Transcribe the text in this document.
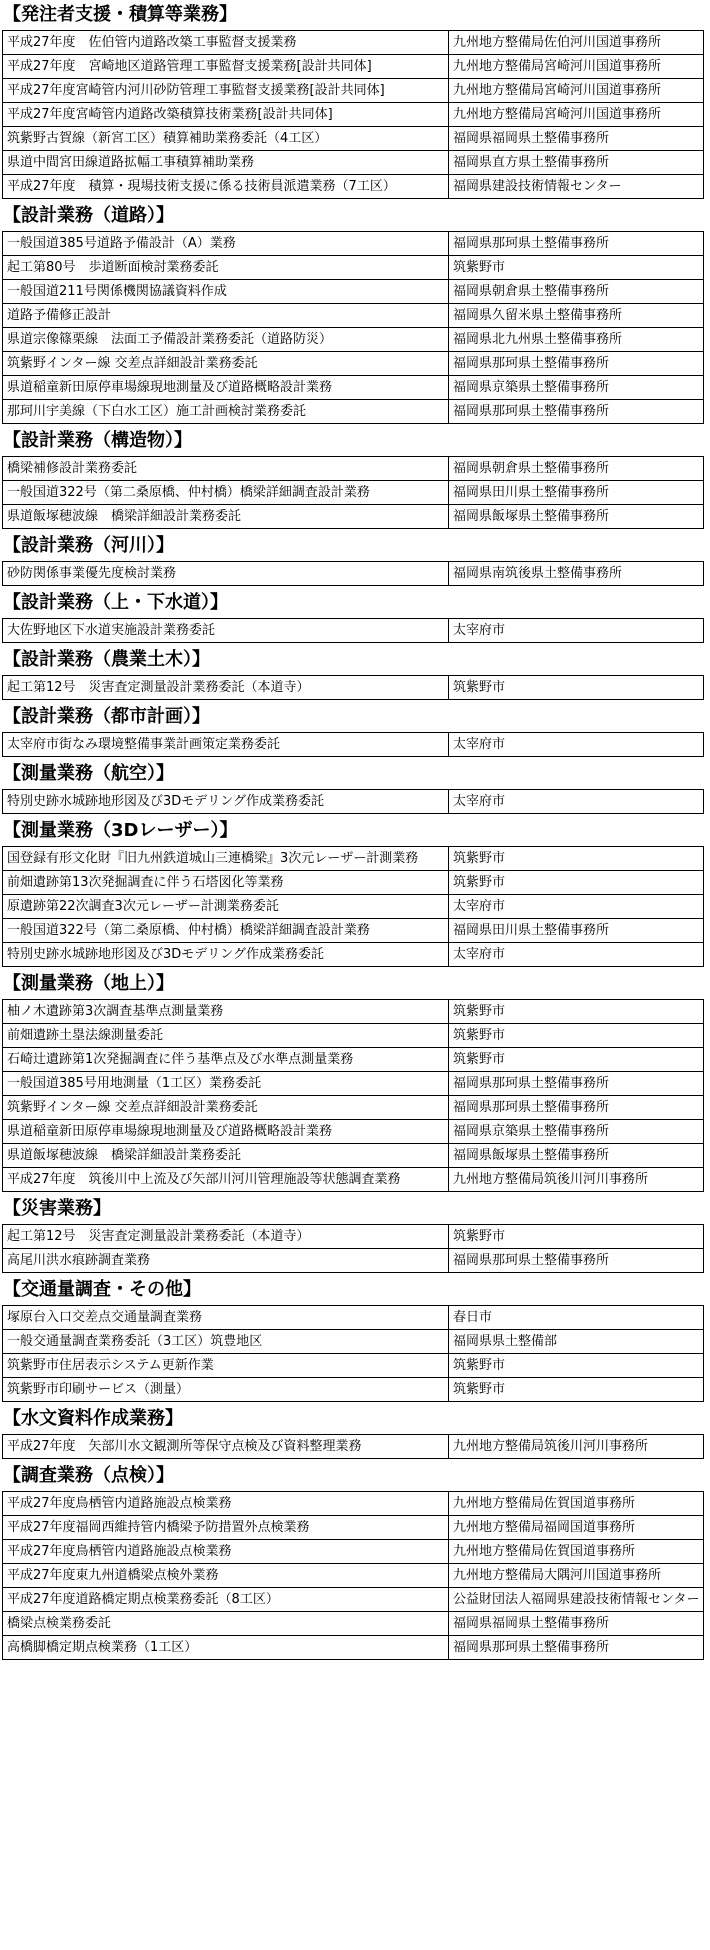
【発注者支援・積算等業務】
平成27年度　佐伯管内道路改築工事監督支援業務	九州地方整備局佐伯河川国道事務所
平成27年度　宮崎地区道路管理工事監督支援業務[設計共同体]	九州地方整備局宮崎河川国道事務所
平成27年度宮崎管内河川砂防管理工事監督支援業務[設計共同体]	九州地方整備局宮崎河川国道事務所
平成27年度宮崎管内道路改築積算技術業務[設計共同体]	九州地方整備局宮崎河川国道事務所
筑紫野古賀線（新宮工区）積算補助業務委託（4工区）	福岡県福岡県土整備事務所
県道中間宮田線道路拡幅工事積算補助業務	福岡県直方県土整備事務所
平成27年度　積算・現場技術支援に係る技術員派遣業務（7工区）	福岡県建設技術情報センター
【設計業務（道路）】
一般国道385号道路予備設計（A）業務	福岡県那珂県土整備事務所
起工第80号　歩道断面検討業務委託	筑紫野市
一般国道211号関係機関協議資料作成	福岡県朝倉県土整備事務所
道路予備修正設計	福岡県久留米県土整備事務所
県道宗像篠栗線　法面工予備設計業務委託（道路防災）	福岡県北九州県土整備事務所
筑紫野インター線 交差点詳細設計業務委託	福岡県那珂県土整備事務所
県道稲童新田原停車場線現地測量及び道路概略設計業務	福岡県京築県土整備事務所
那珂川宇美線（下白水工区）施工計画検討業務委託	福岡県那珂県土整備事務所
【設計業務（構造物）】
橋梁補修設計業務委託	福岡県朝倉県土整備事務所
一般国道322号（第二桑原橋、仲村橋）橋梁詳細調査設計業務	福岡県田川県土整備事務所
県道飯塚穂波線　橋梁詳細設計業務委託	福岡県飯塚県土整備事務所
【設計業務（河川）】
砂防関係事業優先度検討業務	福岡県南筑後県土整備事務所
【設計業務（上・下水道）】
大佐野地区下水道実施設計業務委託	太宰府市
【設計業務（農業土木）】
起工第12号　災害査定測量設計業務委託（本道寺）	筑紫野市
【設計業務（都市計画）】
太宰府市街なみ環境整備事業計画策定業務委託	太宰府市
【測量業務（航空）】
特別史跡水城跡地形図及び3Dモデリング作成業務委託	太宰府市
【測量業務（3Dレーザー）】
国登録有形文化財『旧九州鉄道城山三連橋梁』3次元レーザー計測業務	筑紫野市
前畑遺跡第13次発掘調査に伴う石塔図化等業務	筑紫野市
原遺跡第22次調査3次元レーザー計測業務委託	太宰府市
一般国道322号（第二桑原橋、仲村橋）橋梁詳細調査設計業務	福岡県田川県土整備事務所
特別史跡水城跡地形図及び3Dモデリング作成業務委託	太宰府市
【測量業務（地上）】
柚ノ木遺跡第3次調査基準点測量業務	筑紫野市
前畑遺跡土塁法線測量委託	筑紫野市
石崎辻遺跡第1次発掘調査に伴う基準点及び水準点測量業務	筑紫野市
一般国道385号用地測量（1工区）業務委託	福岡県那珂県土整備事務所
筑紫野インター線 交差点詳細設計業務委託	福岡県那珂県土整備事務所
県道稲童新田原停車場線現地測量及び道路概略設計業務	福岡県京築県土整備事務所
県道飯塚穂波線　橋梁詳細設計業務委託	福岡県飯塚県土整備事務所
平成27年度　筑後川中上流及び矢部川河川管理施設等状態調査業務	九州地方整備局筑後川河川事務所
【災害業務】
起工第12号　災害査定測量設計業務委託（本道寺）	筑紫野市
高尾川洪水痕跡調査業務	福岡県那珂県土整備事務所
【交通量調査・その他】
塚原台入口交差点交通量調査業務	春日市
一般交通量調査業務委託（3工区）筑豊地区	福岡県県土整備部
筑紫野市住居表示システム更新作業	筑紫野市
筑紫野市印刷サービス（測量）	筑紫野市
【水文資料作成業務】
平成27年度　矢部川水文観測所等保守点検及び資料整理業務	九州地方整備局筑後川河川事務所
【調査業務（点検）】
平成27年度鳥栖管内道路施設点検業務	九州地方整備局佐賀国道事務所
平成27年度福岡西維持管内橋梁予防措置外点検業務	九州地方整備局福岡国道事務所
平成27年度鳥栖管内道路施設点検業務	九州地方整備局佐賀国道事務所
平成27年度東九州道橋梁点検外業務	九州地方整備局大隅河川国道事務所
平成27年度道路橋定期点検業務委託（8工区）	公益財団法人福岡県建設技術情報センター
橋梁点検業務委託	福岡県福岡県土整備事務所
高橋脚橋定期点検業務（1工区）	福岡県那珂県土整備事務所
